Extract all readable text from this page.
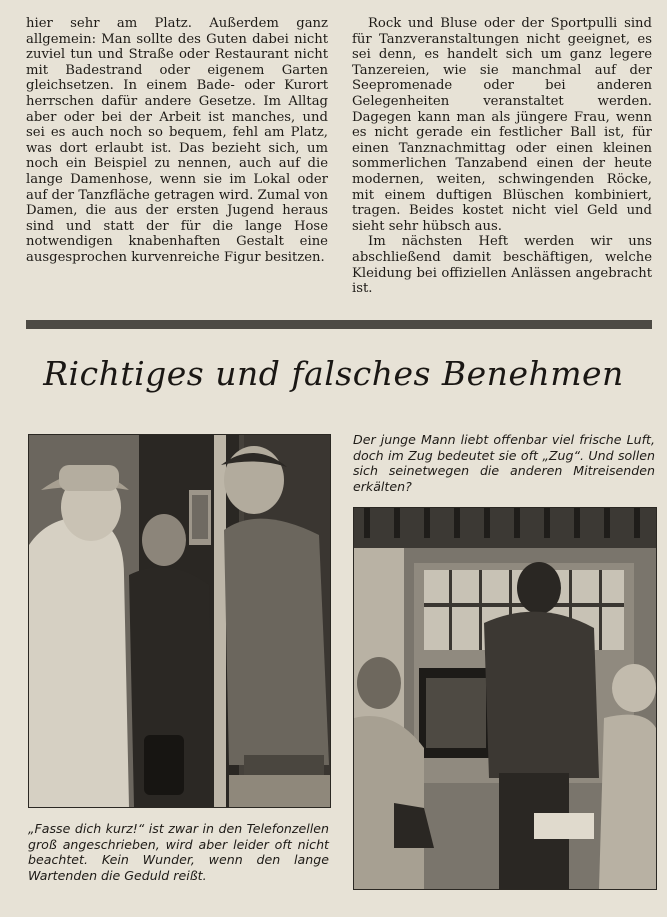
hier sehr am Platz. Außerdem ganz allgemein: Man sollte des Guten dabei nicht zuviel tun und Straße oder Restaurant nicht mit Badestrand oder eigenem Garten gleichsetzen. In einem Bade- oder Kurort herrschen dafür andere Gesetze. Im Alltag aber oder bei der Arbeit ist manches, und sei es auch noch so bequem, fehl am Platz, was dort erlaubt ist. Das bezieht sich, um noch ein Beispiel zu nennen, auch auf die lange Damenhose, wenn sie im Lokal oder auf der Tanzfläche getragen wird. Zumal von Damen, die aus der ersten Jugend heraus sind und statt der für die lange Hose notwendigen knabenhaften Gestalt eine ausgesprochen kurvenreiche Figur besitzen.

Rock und Bluse oder der Sportpulli sind für Tanzveranstaltungen nicht geeignet, es sei denn, es handelt sich um ganz legere Tanzereien, wie sie manchmal auf der Seepromenade oder bei anderen Gelegenheiten veranstaltet werden. Dagegen kann man als jüngere Frau, wenn es nicht gerade ein festlicher Ball ist, für einen Tanznachmittag oder einen kleinen sommerlichen Tanzabend einen der heute modernen, weiten, schwingenden Röcke, mit einem duftigen Blüschen kombiniert, tragen. Beides kostet nicht viel Geld und sieht sehr hübsch aus.

Im nächsten Heft werden wir uns abschließend damit beschäftigen, welche Kleidung bei offiziellen Anlässen angebracht ist.

Richtiges und falsches Benehmen
Der junge Mann liebt offenbar viel frische Luft, doch im Zug bedeutet sie oft „Zug“. Und sollen sich seinetwegen die anderen Mitreisenden erkälten?
„Fasse dich kurz!“ ist zwar in den Telefonzellen groß angeschrieben, wird aber leider oft nicht beachtet. Kein Wunder, wenn den lange Wartenden die Geduld reißt.
